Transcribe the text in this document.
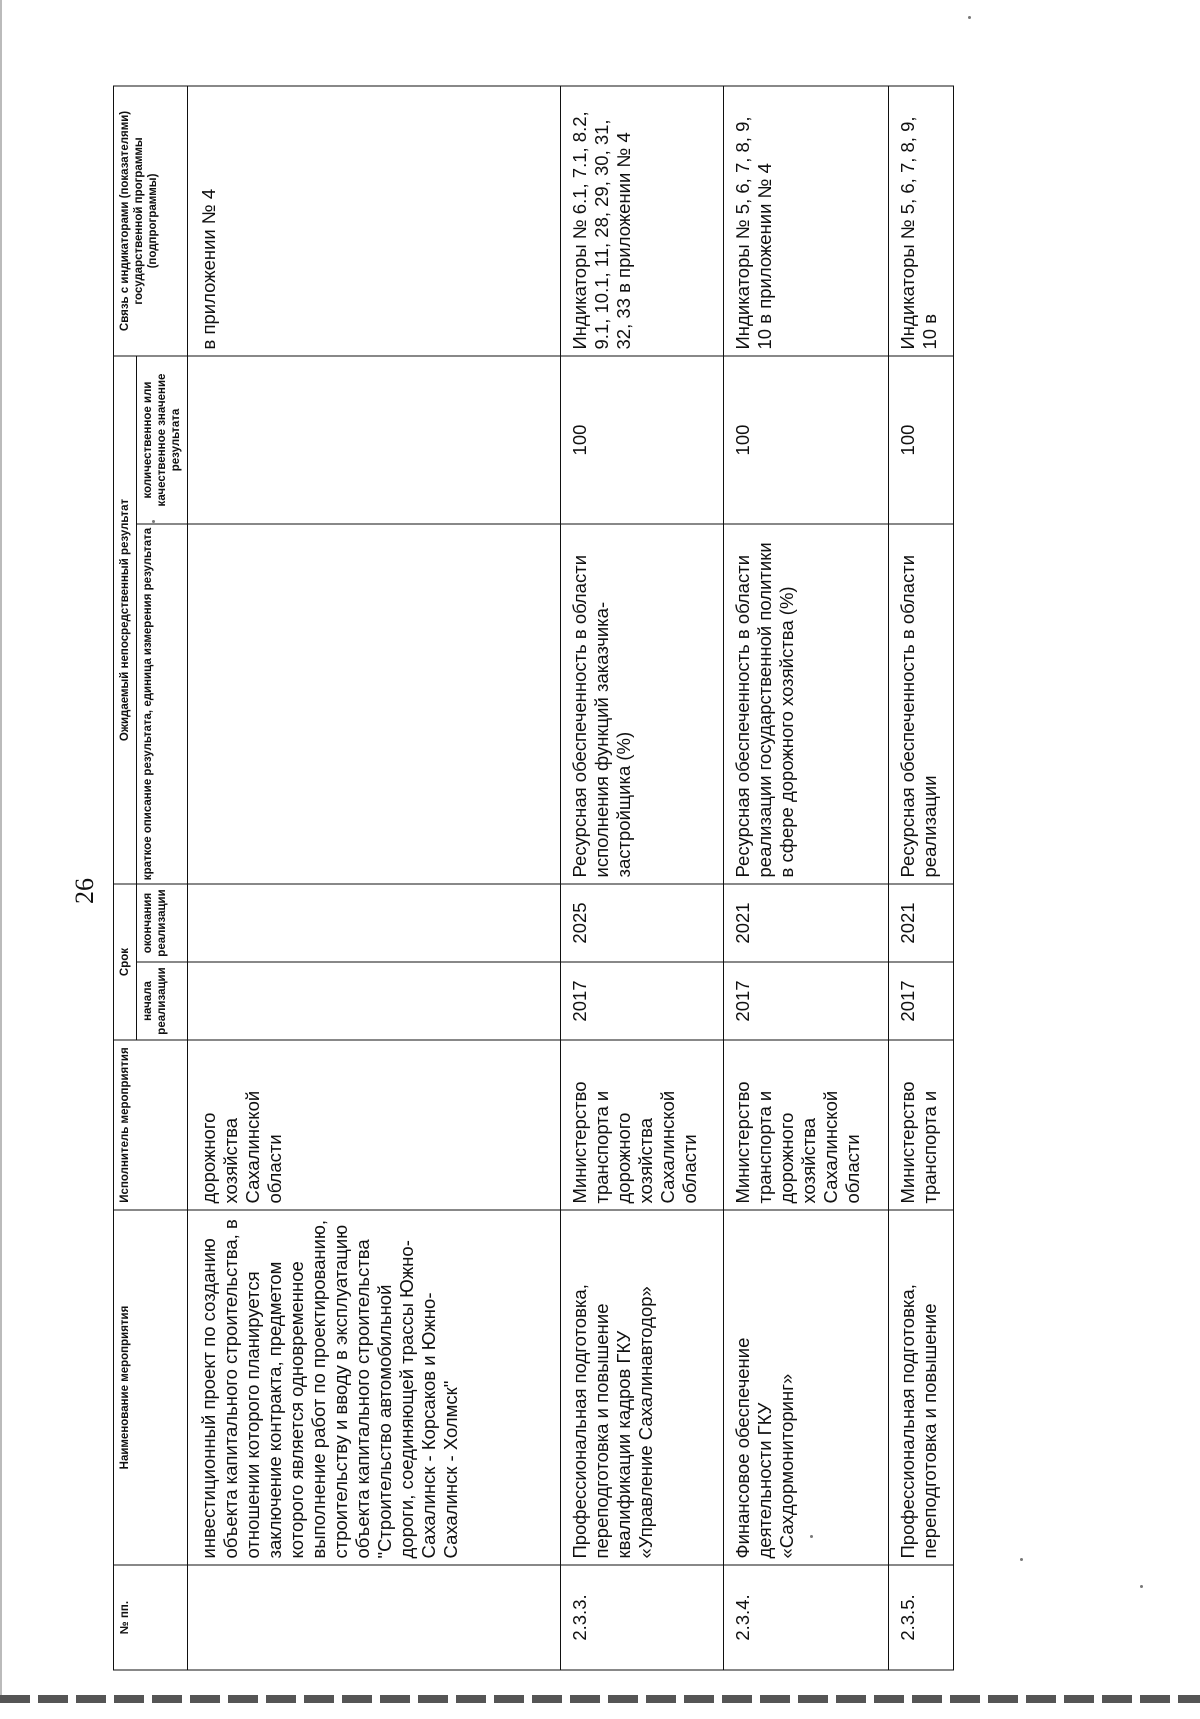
26
№ пп.	Наименование мероприятия	Исполнитель мероприятия	Срок		Ожидаемый непосредственный результат		Связь с индикаторами (показателями) государственной программы (подпрограммы)
			начала реализации	окончания реализации	краткое описание результата, единица измерения результата	количественное или качественное значение результата	
	инвестиционный проект по созданию объекта капитального строительства, в отношении которого планируется заключение контракта, предметом которого является одновременное выполнение работ по проектированию, строительству и вводу в эксплуатацию объекта капитального строительства "Строительство автомобильной дороги, соединяющей трассы Южно-Сахалинск - Корсаков и Южно-Сахалинск - Холмск"	дорожного хозяйства Сахалинской области					в приложении № 4
2.3.3.	Профессиональная подготовка, переподготовка и повышение квалификации кадров ГКУ «Управление Сахалинавтодор»	Министерство транспорта и дорожного хозяйства Сахалинской области	2017	2025	Ресурсная обеспеченность в области исполнения функций заказчика-застройщика (%)	100	Индикаторы № 6.1, 7.1, 8.2, 9.1, 10.1, 11, 28, 29, 30, 31, 32, 33 в приложении № 4
2.3.4.	Финансовое обеспечение деятельности ГКУ «Сахдормониторинг»	Министерство транспорта и дорожного хозяйства Сахалинской области	2017	2021	Ресурсная обеспеченность в области реализации государственной политики в сфере дорожного хозяйства (%)	100	Индикаторы № 5, 6, 7, 8, 9, 10 в приложении № 4
2.3.5.	Профессиональная подготовка, переподготовка и повышение	Министерство транспорта и	2017	2021	Ресурсная обеспеченность в области реализации	100	Индикаторы № 5, 6, 7, 8, 9, 10 в
